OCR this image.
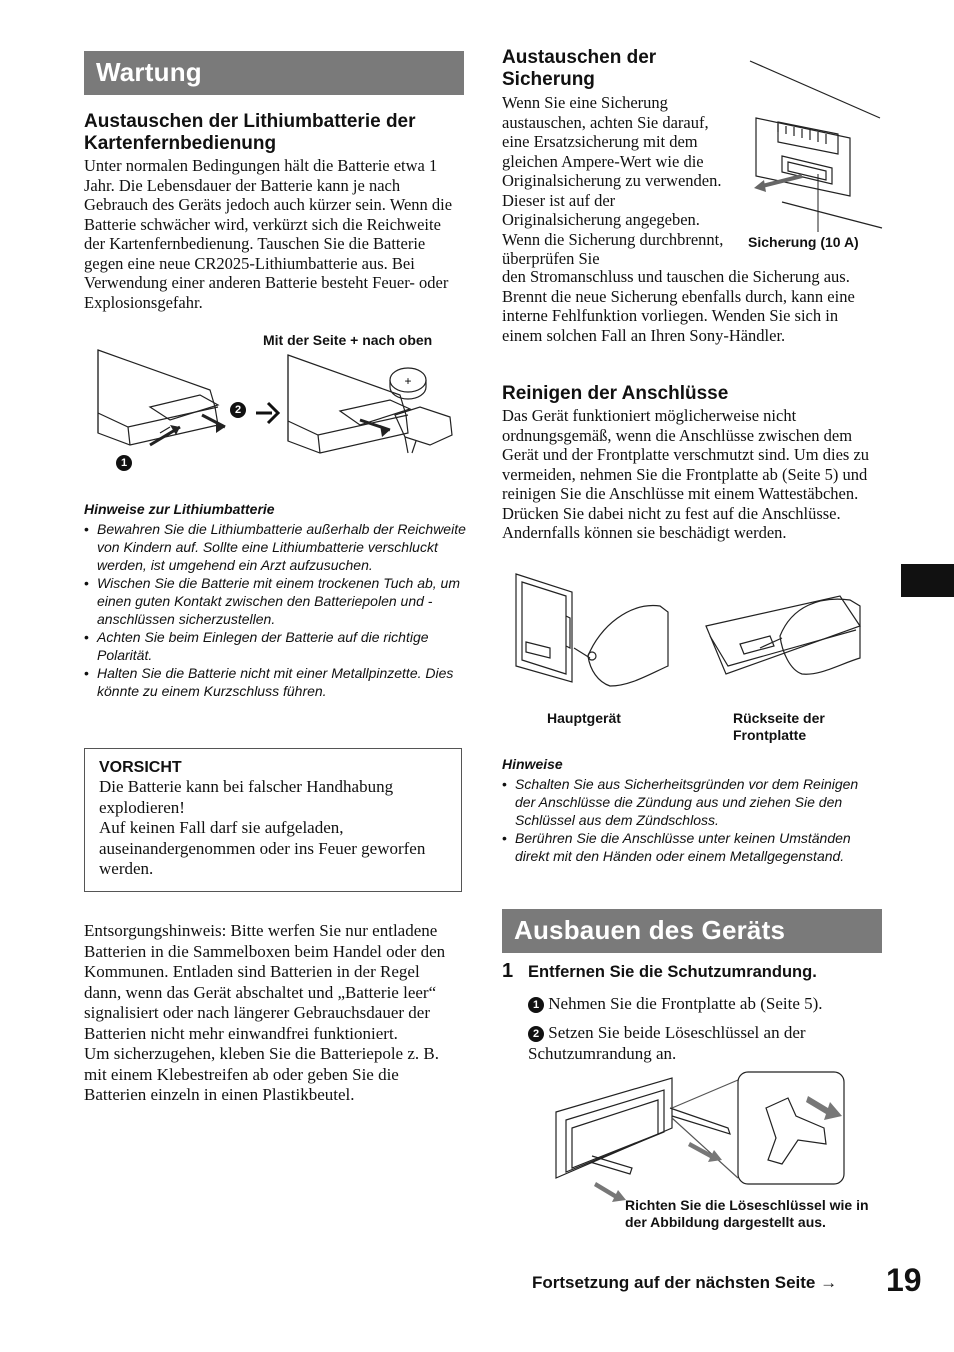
Wartung
Austauschen der Lithiumbatterie der Kartenfernbedienung
Unter normalen Bedingungen hält die Batterie etwa 1 Jahr. Die Lebensdauer der Batterie kann je nach Gebrauch des Geräts jedoch auch kürzer sein. Wenn die Batterie schwächer wird, verkürzt sich die Reichweite der Kartenfernbedienung. Tauschen Sie die Batterie gegen eine neue CR2025-Lithiumbatterie aus. Bei Verwendung einer anderen Batterie besteht Feuer- oder Explosionsgefahr.
Mit der Seite + nach oben
+
2
1
Hinweise zur Lithiumbatterie
• Bewahren Sie die Lithiumbatterie außerhalb der Reichweite von Kindern auf. Sollte eine Lithiumbatterie verschluckt werden, ist umgehend ein Arzt aufzusuchen.
• Wischen Sie die Batterie mit einem trockenen Tuch ab, um einen guten Kontakt zwischen den Batteriepolen und -anschlüssen sicherzustellen.
• Achten Sie beim Einlegen der Batterie auf die richtige Polarität.
• Halten Sie die Batterie nicht mit einer Metallpinzette. Dies könnte zu einem Kurzschluss führen.
VORSICHT
Die Batterie kann bei falscher Handhabung explodieren!
Auf keinen Fall darf sie aufgeladen, auseinandergenommen oder ins Feuer geworfen werden.
Entsorgungshinweis: Bitte werfen Sie nur entladene Batterien in die Sammelboxen beim Handel oder den Kommunen. Entladen sind Batterien in der Regel dann, wenn das Gerät abschaltet und „Batterie leer“ signalisiert oder nach längerer Gebrauchsdauer der Batterien nicht mehr einwandfrei funktioniert.
Um sicherzugehen, kleben Sie die Batteriepole z. B. mit einem Klebestreifen ab oder geben Sie die Batterien einzeln in einen Plastikbeutel.
Austauschen der Sicherung
Wenn Sie eine Sicherung austauschen, achten Sie darauf, eine Ersatzsicherung mit dem gleichen Ampere-Wert wie die Originalsicherung zu verwenden. Dieser ist auf der Originalsicherung angegeben. Wenn die Sicherung durchbrennt, überprüfen Sie
den Stromanschluss und tauschen die Sicherung aus. Brennt die neue Sicherung ebenfalls durch, kann eine interne Fehlfunktion vorliegen. Wenden Sie sich in einem solchen Fall an Ihren Sony-Händler.
Sicherung (10 A)
Reinigen der Anschlüsse
Das Gerät funktioniert möglicherweise nicht ordnungsgemäß, wenn die Anschlüsse zwischen dem Gerät und der Frontplatte verschmutzt sind. Um dies zu vermeiden, nehmen Sie die Frontplatte ab (Seite 5) und reinigen Sie die Anschlüsse mit einem Wattestäbchen. Drücken Sie dabei nicht zu fest auf die Anschlüsse. Andernfalls können sie beschädigt werden.
Hauptgerät	Rückseite der Frontplatte
Hinweise
• Schalten Sie aus Sicherheitsgründen vor dem Reinigen der Anschlüsse die Zündung aus und ziehen Sie den Schlüssel aus dem Zündschloss.
• Berühren Sie die Anschlüsse unter keinen Umständen direkt mit den Händen oder einem Metallgegenstand.
Ausbauen des Geräts
1 Entfernen Sie die Schutzumrandung.
1 Nehmen Sie die Frontplatte ab (Seite 5).
2 Setzen Sie beide Löseschlüssel an der Schutzumrandung an.
Richten Sie die Löseschlüssel wie in der Abbildung dargestellt aus.
Fortsetzung auf der nächsten Seite → 19
